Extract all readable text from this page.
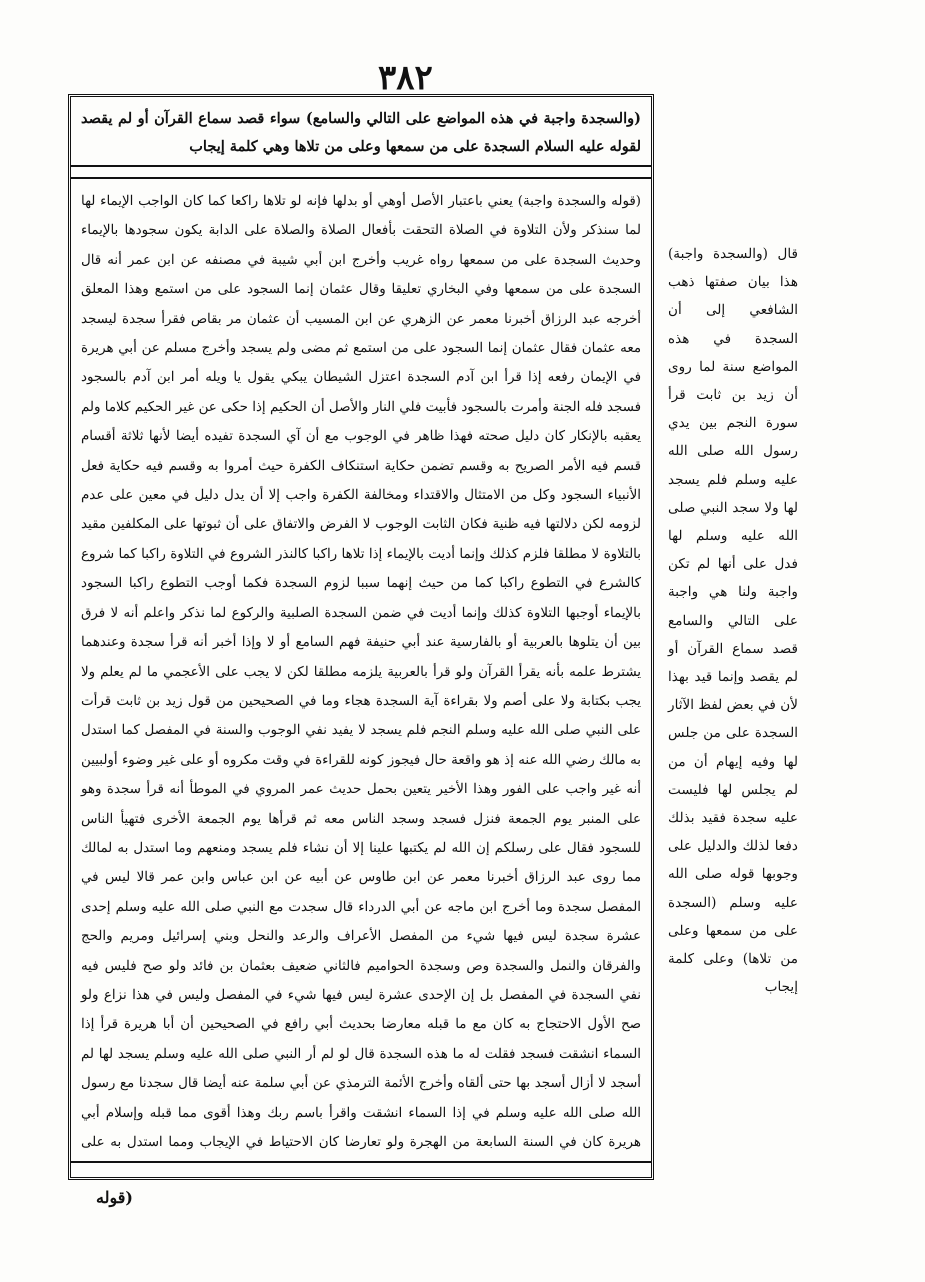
٣٨٢
(والسجدة واجبة في هذه المواضع على التالي والسامع) سواء قصد سماع القرآن أو لم يقصد لقوله عليه السلام السجدة على من سمعها وعلى من تلاها وهي كلمة إيجاب

(قوله والسجدة واجبة) يعني باعتبار الأصل أوهي أو بدلها فإنه لو تلاها راكعا كما كان الواجب الإيماء لها لما سنذكر ولأن التلاوة في الصلاة التحقت بأفعال الصلاة والصلاة على الدابة يكون سجودها بالإيماء وحديث السجدة على من سمعها رواه غريب وأخرج ابن أبي شيبة في مصنفه عن ابن عمر أنه قال السجدة على من سمعها وفي البخاري تعليقا وقال عثمان إنما السجود على من استمع وهذا المعلق أخرجه عبد الرزاق أخبرنا معمر عن الزهري عن ابن المسيب أن عثمان مر بقاص فقرأ سجدة ليسجد معه عثمان فقال عثمان إنما السجود على من استمع ثم مضى ولم يسجد وأخرج مسلم عن أبي هريرة في الإيمان رفعه إذا قرأ ابن آدم السجدة اعتزل الشيطان يبكي يقول يا ويله أمر ابن آدم بالسجود فسجد فله الجنة وأمرت بالسجود فأبيت فلي النار والأصل أن الحكيم إذا حكى عن غير الحكيم كلاما ولم يعقبه بالإنكار كان دليل صحته فهذا ظاهر في الوجوب مع أن آي السجدة تفيده أيضا لأنها ثلاثة أقسام قسم فيه الأمر الصريح به وقسم تضمن حكاية استنكاف الكفرة حيث أمروا به وقسم فيه حكاية فعل الأنبياء السجود وكل من الامتثال والاقتداء ومخالفة الكفرة واجب إلا أن يدل دليل في معين على عدم لزومه لكن دلالتها فيه ظنية فكان الثابت الوجوب لا الفرض والاتفاق على أن ثبوتها على المكلفين مقيد بالتلاوة لا مطلقا فلزم كذلك وإنما أديت بالإيماء إذا تلاها راكبا كالنذر الشروع في التلاوة راكبا كما شروع كالشرع في التطوع راكبا كما من حيث إنهما سببا لزوم السجدة فكما أوجب التطوع راكبا السجود بالإيماء أوجبها التلاوة كذلك وإنما أديت في ضمن السجدة الصلبية والركوع لما نذكر واعلم أنه لا فرق بين أن يتلوها بالعربية أو بالفارسية عند أبي حنيفة فهم السامع أو لا وإذا أخبر أنه قرأ سجدة وعندهما يشترط علمه بأنه يقرأ القرآن ولو قرأ بالعربية يلزمه مطلقا لكن لا يجب على الأعجمي ما لم يعلم ولا يجب بكتابة ولا على أصم ولا بقراءة آية السجدة هجاء وما في الصحيحين من قول زيد بن ثابت قرأت على النبي صلى الله عليه وسلم النجم فلم يسجد لا يفيد نفي الوجوب والسنة في المفصل كما استدل به مالك رضي الله عنه إذ هو واقعة حال فيجوز كونه للقراءة في وقت مكروه أو على غير وضوء أولبيين أنه غير واجب على الفور وهذا الأخير يتعين بحمل حديث عمر المروي في الموطأ أنه قرأ سجدة وهو على المنبر يوم الجمعة فنزل فسجد وسجد الناس معه ثم قرأها يوم الجمعة الأخرى فتهيأ الناس للسجود فقال على رسلكم إن الله لم يكتبها علينا إلا أن نشاء فلم يسجد ومنعهم وما استدل به لمالك مما روى عبد الرزاق أخبرنا معمر عن ابن طاوس عن أبيه عن ابن عباس وابن عمر قالا ليس في المفصل سجدة وما أخرج ابن ماجه عن أبي الدرداء قال سجدت مع النبي صلى الله عليه وسلم إحدى عشرة سجدة ليس فيها شيء من المفصل الأعراف والرعد والنحل وبني إسرائيل ومريم والحج والفرقان والنمل والسجدة وص وسجدة الحواميم فالثاني ضعيف بعثمان بن فائد ولو صح فليس فيه نفي السجدة في المفصل بل إن الإحدى عشرة ليس فيها شيء في المفصل وليس في هذا نزاع ولو صح الأول الاحتجاج به كان مع ما قبله معارضا بحديث أبي رافع في الصحيحين أن أبا هريرة قرأ إذا السماء انشقت فسجد فقلت له ما هذه السجدة قال لو لم أر النبي صلى الله عليه وسلم يسجد لها لم أسجد لا أزال أسجد بها حتى ألقاه وأخرج الأئمة الترمذي عن أبي سلمة عنه أيضا قال سجدنا مع رسول الله صلى الله عليه وسلم في إذا السماء انشقت واقرأ باسم ربك وهذا أقوى مما قبله وإسلام أبي هريرة كان في السنة السابعة من الهجرة ولو تعارضا كان الاحتياط في الإيجاب ومما استدل به على

قال (والسجدة واجبة) هذا بيان صفتها ذهب الشافعي إلى أن السجدة في هذه المواضع سنة لما روى أن زيد بن ثابت قرأ سورة النجم بين يدي رسول الله صلى الله عليه وسلم فلم يسجد لها ولا سجد النبي صلى الله عليه وسلم لها فدل على أنها لم تكن واجبة ولنا هي واجبة على التالي والسامع قصد سماع القرآن أو لم يقصد وإنما قيد بهذا لأن في بعض لفظ الآثار السجدة على من جلس لها وفيه إيهام أن من لم يجلس لها فليست عليه سجدة فقيد بذلك دفعا لذلك والدليل على وجوبها قوله صلى الله عليه وسلم (السجدة على من سمعها وعلى من تلاها) وعلى كلمة إيجاب

(قوله
